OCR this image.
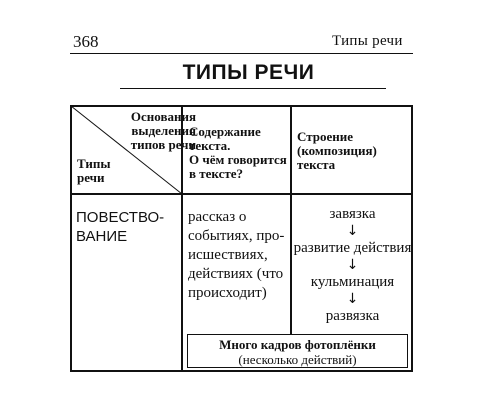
368	Типы речи
ТИПЫ РЕЧИ
Основания
выделения
типов речи
Типы
речи
Содержание
текста.
О чём говорится
в тексте?
Строение
(композиция)
текста
ПОВЕСТВО-
ВАНИЕ
рассказ о
событиях, про-
исшествиях,
действиях (что
происходит)
завязка
↓
развитие действия
↓
кульминация
↓
развязка
Много кадров фотоплёнки
(несколько действий)
